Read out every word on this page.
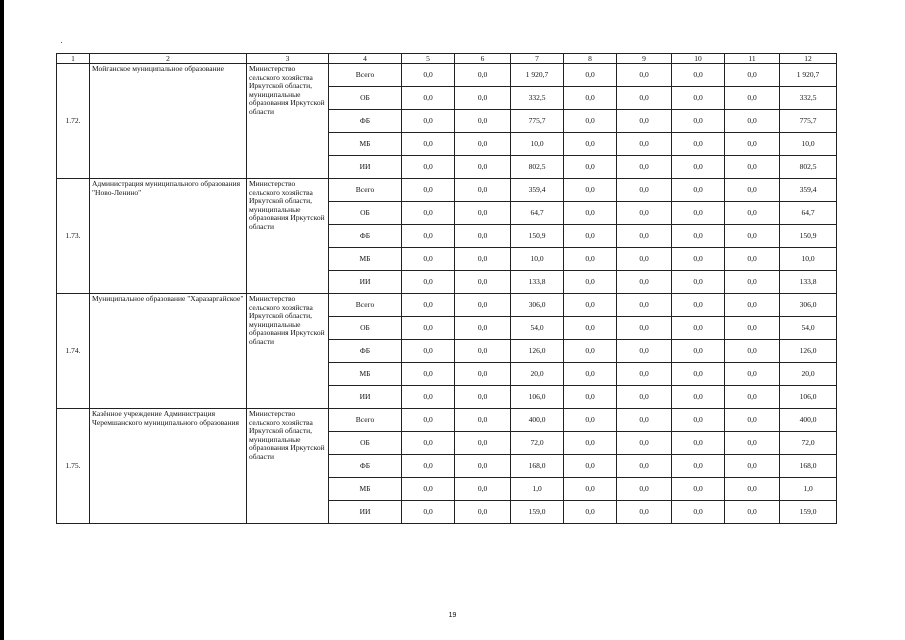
1	2	3	4	5	6	7	8	9	10	11	12
1.72.	Мойганское муниципальное образование	Министерство сельского хозяйства Иркутской области, муниципальные образования Иркутской области	Всего	0,0	0,0	1 920,7	0,0	0,0	0,0	0,0	1 920,7
			ОБ	0,0	0,0	332,5	0,0	0,0	0,0	0,0	332,5
			ФБ	0,0	0,0	775,7	0,0	0,0	0,0	0,0	775,7
			МБ	0,0	0,0	10,0	0,0	0,0	0,0	0,0	10,0
			ИИ	0,0	0,0	802,5	0,0	0,0	0,0	0,0	802,5
1.73.	Администрация муниципального образования "Ново-Ленино"	Министерство сельского хозяйства Иркутской области, муниципальные образования Иркутской области	Всего	0,0	0,0	359,4	0,0	0,0	0,0	0,0	359,4
			ОБ	0,0	0,0	64,7	0,0	0,0	0,0	0,0	64,7
			ФБ	0,0	0,0	150,9	0,0	0,0	0,0	0,0	150,9
			МБ	0,0	0,0	10,0	0,0	0,0	0,0	0,0	10,0
			ИИ	0,0	0,0	133,8	0,0	0,0	0,0	0,0	133,8
1.74.	Муниципальное образование "Харазаргайское"	Министерство сельского хозяйства Иркутской области, муниципальные образования Иркутской области	Всего	0,0	0,0	306,0	0,0	0,0	0,0	0,0	306,0
			ОБ	0,0	0,0	54,0	0,0	0,0	0,0	0,0	54,0
			ФБ	0,0	0,0	126,0	0,0	0,0	0,0	0,0	126,0
			МБ	0,0	0,0	20,0	0,0	0,0	0,0	0,0	20,0
			ИИ	0,0	0,0	106,0	0,0	0,0	0,0	0,0	106,0
1.75.	Казённое учреждение Администрация Черемшанского муниципального образования	Министерство сельского хозяйства Иркутской области, муниципальные образования Иркутской области	Всего	0,0	0,0	400,0	0,0	0,0	0,0	0,0	400,0
			ОБ	0,0	0,0	72,0	0,0	0,0	0,0	0,0	72,0
			ФБ	0,0	0,0	168,0	0,0	0,0	0,0	0,0	168,0
			МБ	0,0	0,0	1,0	0,0	0,0	0,0	0,0	1,0
			ИИ	0,0	0,0	159,0	0,0	0,0	0,0	0,0	159,0
19
